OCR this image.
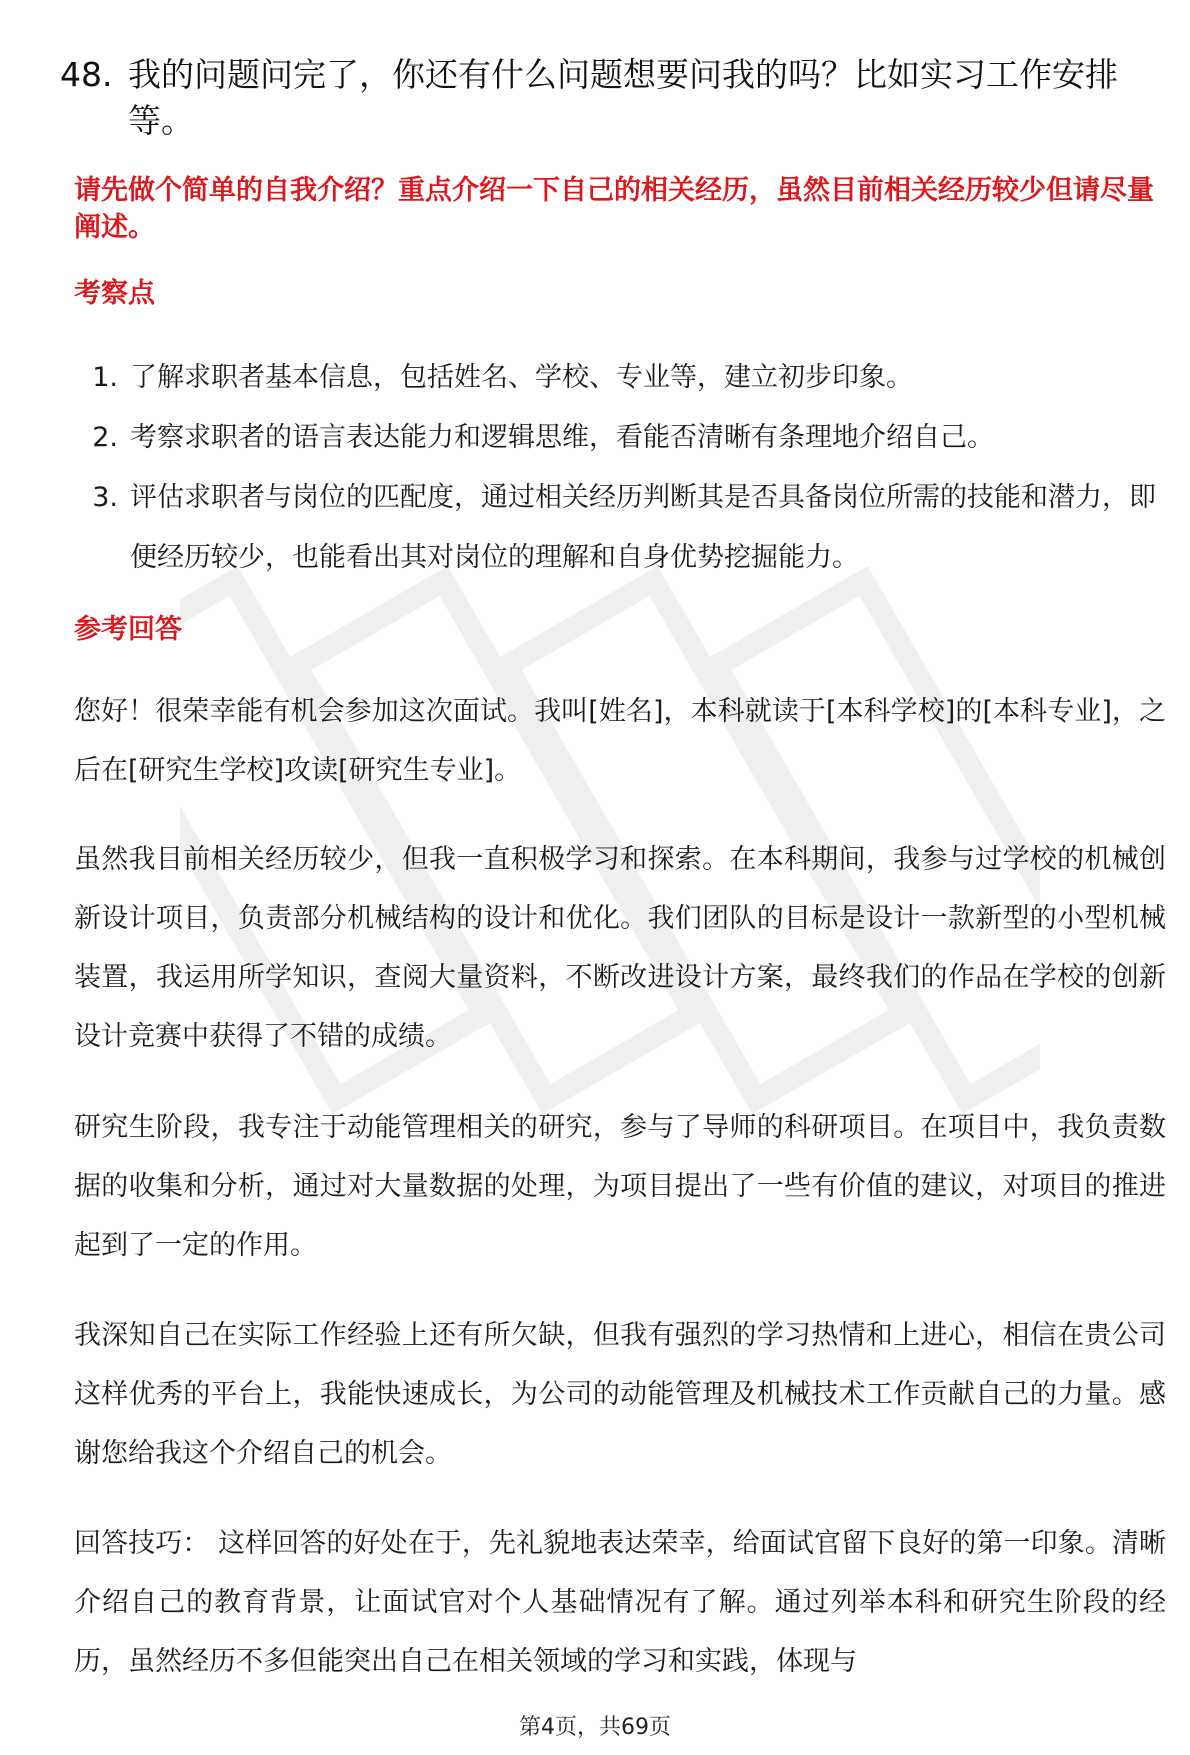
48. 我的问题问完了，你还有什么问题想要问我的吗？比如实习工作安排等。
请先做个简单的自我介绍？重点介绍一下自己的相关经历，虽然目前相关经历较少但请尽量阐述。
考察点
1. 了解求职者基本信息，包括姓名、学校、专业等，建立初步印象。
2. 考察求职者的语言表达能力和逻辑思维，看能否清晰有条理地介绍自己。
3. 评估求职者与岗位的匹配度，通过相关经历判断其是否具备岗位所需的技能和潜力，即便经历较少，也能看出其对岗位的理解和自身优势挖掘能力。
参考回答

您好！很荣幸能有机会参加这次面试。我叫[姓名]，本科就读于[本科学校]的[本科专业]，之后在[研究生学校]攻读[研究生专业]。

虽然我目前相关经历较少，但我一直积极学习和探索。在本科期间，我参与过学校的机械创新设计项目，负责部分机械结构的设计和优化。我们团队的目标是设计一款新型的小型机械装置，我运用所学知识，查阅大量资料，不断改进设计方案，最终我们的作品在学校的创新设计竞赛中获得了不错的成绩。

研究生阶段，我专注于动能管理相关的研究，参与了导师的科研项目。在项目中，我负责数据的收集和分析，通过对大量数据的处理，为项目提出了一些有价值的建议，对项目的推进起到了一定的作用。

我深知自己在实际工作经验上还有所欠缺，但我有强烈的学习热情和上进心，相信在贵公司这样优秀的平台上，我能快速成长，为公司的动能管理及机械技术工作贡献自己的力量。感谢您给我这个介绍自己的机会。

回答技巧： 这样回答的好处在于，先礼貌地表达荣幸，给面试官留下良好的第一印象。清晰介绍自己的教育背景，让面试官对个人基础情况有了解。通过列举本科和研究生阶段的经历，虽然经历不多但能突出自己在相关领域的学习和实践，体现与

第4页，共69页
